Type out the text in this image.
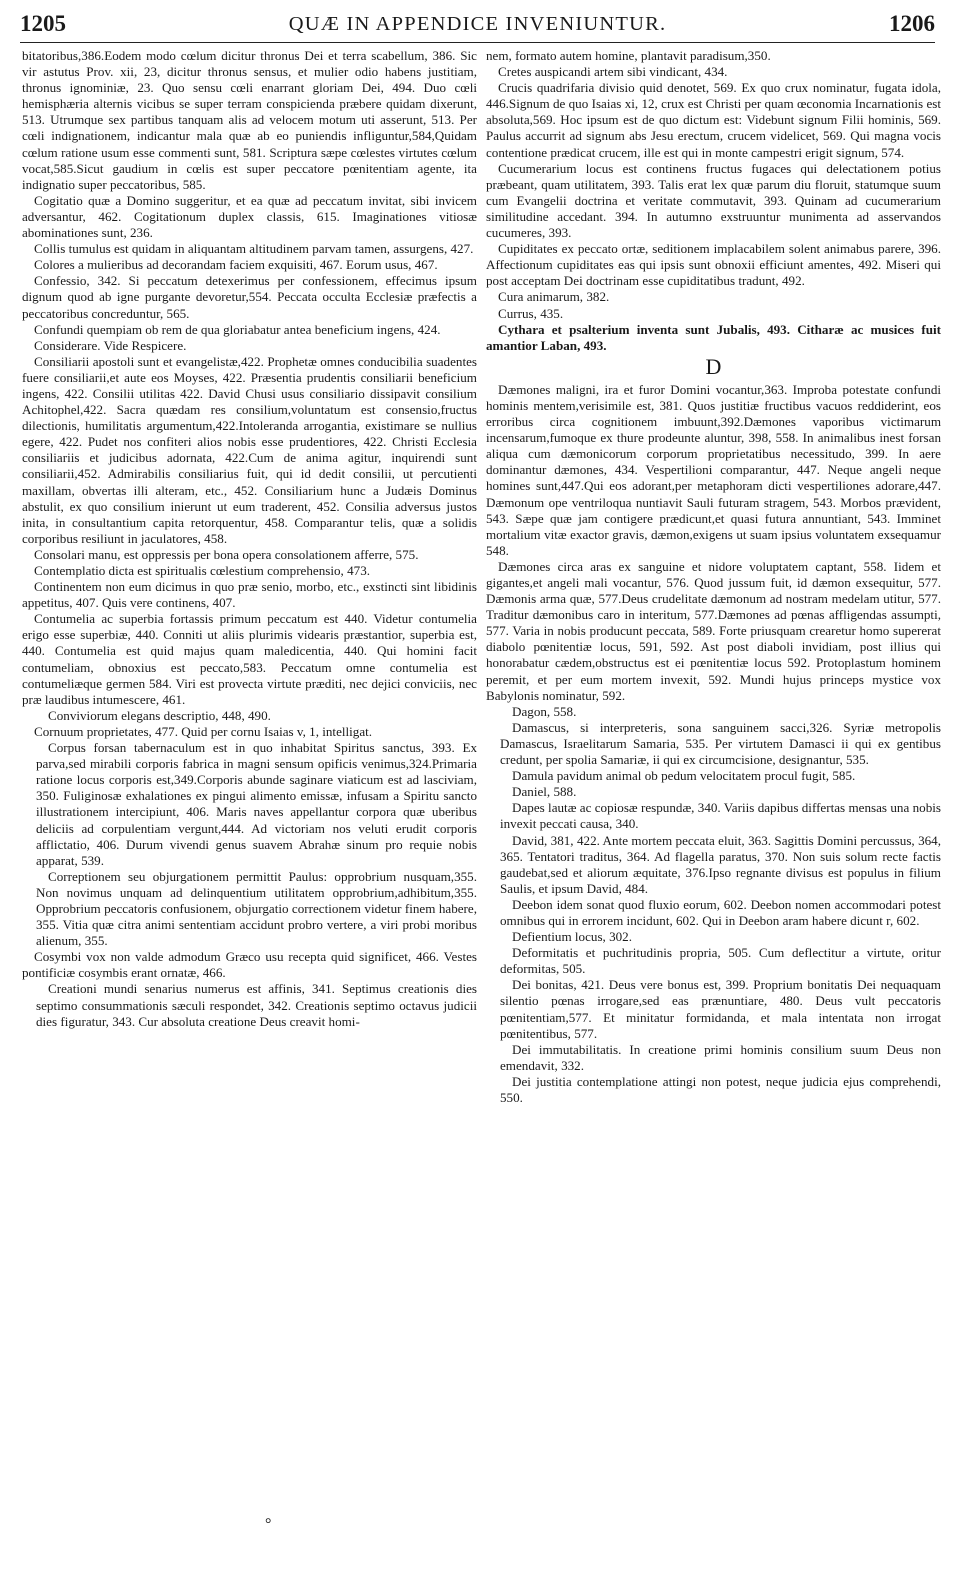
1205	QUÆ IN APPENDICE INVENIUNTUR.	1206

bitatoribus,386.Eodem modo cœlum dicitur thronus Dei et terra scabellum, 386. Sic vir astutus Prov. xii, 23, dicitur thronus sensus, et mulier odio habens justitiam, thronus ignominiæ, 23. Quo sensu cœli enarrant gloriam Dei, 494. Duo cœli hemisphæria alternis vicibus se super terram conspicienda præbere quidam dixerunt, 513. Utrumque sex partibus tanquam alis ad velocem motum uti asserunt, 513. Per cœli indignationem, indicantur mala quæ ab eo puniendis infliguntur,584,Quidam cœlum ratione usum esse commenti sunt, 581. Scriptura sæpe cœlestes virtutes cœlum vocat,585.Sicut gaudium in cœlis est super peccatore pœnitentiam agente, ita indignatio super peccatoribus, 585.

Cogitatio quæ a Domino suggeritur, et ea quæ ad peccatum invitat, sibi invicem adversantur, 462. Cogitationum duplex classis, 615. Imaginationes vitiosæ abominationes sunt, 236.

Collis tumulus est quidam in aliquantam altitudinem parvam tamen, assurgens, 427.

Colores a mulieribus ad decorandam faciem exquisiti, 467. Eorum usus, 467.

Confessio, 342. Si peccatum detexerimus per confessionem, effecimus ipsum dignum quod ab igne purgante devoretur,554. Peccata occulta Ecclesiæ præfectis a peccatoribus concreduntur, 565.

Confundi quempiam ob rem de qua gloriabatur antea beneficium ingens, 424.

Considerare. Vide Respicere.

Consiliarii apostoli sunt et evangelistæ,422. Prophetæ omnes conducibilia suadentes fuere consiliarii,et aute eos Moyses, 422. Præsentia prudentis consiliarii beneficium ingens, 422. Consilii utilitas 422. David Chusi usus consiliario dissipavit consilium Achitophel,422. Sacra quædam res consilium,voluntatum est consensio,fructus dilectionis, humilitatis argumentum,422.Intoleranda arrogantia, existimare se nullius egere, 422. Pudet nos confiteri alios nobis esse prudentiores, 422. Christi Ecclesia consiliariis et judicibus adornata, 422.Cum de anima agitur, inquirendi sunt consiliarii,452. Admirabilis consiliarius fuit, qui id dedit consilii, ut percutienti maxillam, obvertas illi alteram, etc., 452. Consiliarium hunc a Judæis Dominus abstulit, ex quo consilium inierunt ut eum traderent, 452. Consilia adversus justos inita, in consultantium capita retorquentur, 458. Comparantur telis, quæ a solidis corporibus resiliunt in jaculatores, 458.

Consolari manu, est oppressis per bona opera consolationem afferre, 575.

Contemplatio dicta est spiritualis cœlestium comprehensio, 473.

Continentem non eum dicimus in quo præ senio, morbo, etc., exstincti sint libidinis appetitus, 407. Quis vere continens, 407.

Contumelia ac superbia fortassis primum peccatum est 440. Videtur contumelia erigo esse superbiæ, 440. Conniti ut aliis plurimis videaris præstantior, superbia est, 440. Contumelia est quid majus quam maledicentia, 440. Qui homini facit contumeliam, obnoxius est peccato,583. Peccatum omne contumelia est contumeliæque germen 584. Viri est provecta virtute præditi, nec dejici conviciis, nec præ laudibus intumescere, 461.

Conviviorum elegans descriptio, 448, 490.

Cornuum proprietates, 477. Quid per cornu Isaias v, 1, intelligat.

Corpus forsan tabernaculum est in quo inhabitat Spiritus sanctus, 393. Ex parva,sed mirabili corporis fabrica in magni sensum opificis venimus,324.Primaria ratione locus corporis est,349.Corporis abunde saginare viaticum est ad lasciviam, 350. Fuliginosæ exhalationes ex pingui alimento emissæ, infusam a Spiritu sancto illustrationem intercipiunt, 406. Maris naves appellantur corpora quæ uberibus deliciis ad corpulentiam vergunt,444. Ad victoriam nos veluti erudit corporis afflictatio, 406. Durum vivendi genus suavem Abrahæ sinum pro requie nobis apparat, 539.

Correptionem seu objurgationem permittit Paulus: opprobrium nusquam,355. Non novimus unquam ad delinquentium utilitatem opprobrium,adhibitum,355. Opprobrium peccatoris confusionem, objurgatio correctionem videtur finem habere, 355. Vitia quæ citra animi sententiam accidunt probro vertere, a viri probi moribus alienum, 355.

Cosymbi vox non valde admodum Græco usu recepta quid significet, 466. Vestes pontificiæ cosymbis erant ornatæ, 466.

Creationi mundi senarius numerus est affinis, 341. Septimus creationis dies septimo consummationis sæculi respondet, 342. Creationis septimo octavus judicii dies figuratur, 343. Cur absoluta creatione Deus creavit homi-

nem, formato autem homine, plantavit paradisum,350.

Cretes auspicandi artem sibi vindicant, 434.

Crucis quadrifaria divisio quid denotet, 569. Ex quo crux nominatur, fugata idola, 446.Signum de quo Isaias xi, 12, crux est Christi per quam œconomia Incarnationis est absoluta,569. Hoc ipsum est de quo dictum est: Videbunt signum Filii hominis, 569. Paulus accurrit ad signum abs Jesu erectum, crucem videlicet, 569. Qui magna vocis contentione prædicat crucem, ille est qui in monte campestri erigit signum, 574.

Cucumerarium locus est continens fructus fugaces qui delectationem potius præbeant, quam utilitatem, 393. Talis erat lex quæ parum diu floruit, statumque suum cum Evangelii doctrina et veritate commutavit, 393. Quinam ad cucumerarium similitudine accedant. 394. In autumno exstruuntur munimenta ad asservandos cucumeres, 393.

Cupiditates ex peccato ortæ, seditionem implacabilem solent animabus parere, 396. Affectionum cupiditates eas qui ipsis sunt obnoxii efficiunt amentes, 492. Miseri qui post acceptam Dei doctrinam esse cupiditatibus tradunt, 492.

Cura animarum, 382.

Currus, 435.

Cythara et psalterium inventa sunt Jubalis, 493. Citharæ ac musices fuit amantior Laban, 493.

D

Dæmones maligni, ira et furor Domini vocantur,363. Improba potestate confundi hominis mentem,verisimile est, 381. Quos justitiæ fructibus vacuos reddiderint, eos erroribus circa cognitionem imbuunt,392.Dæmones vaporibus victimarum incensarum,fumoque ex thure prodeunte aluntur, 398, 558. In animalibus inest forsan aliqua cum dæmonicorum corporum proprietatibus necessitudo, 399. In aere dominantur dæmones, 434. Vespertilioni comparantur, 447. Neque angeli neque homines sunt,447.Qui eos adorant,per metaphoram dicti vespertiliones adorare,447. Dæmonum ope ventriloqua nuntiavit Sauli futuram stragem, 543. Morbos prævident, 543. Sæpe quæ jam contigere prædicunt,et quasi futura annuntiant, 543. Imminet mortalium vitæ exactor gravis, dæmon,exigens ut suam ipsius voluntatem exsequamur 548.

Dæmones circa aras ex sanguine et nidore voluptatem captant, 558. Iidem et gigantes,et angeli mali vocantur, 576. Quod jussum fuit, id dæmon exsequitur, 577. Dæmonis arma quæ, 577.Deus crudelitate dæmonum ad nostram medelam utitur, 577. Traditur dæmonibus caro in interitum, 577.Dæmones ad pœnas affligendas assumpti, 577. Varia in nobis producunt peccata, 589. Forte priusquam crearetur homo supererat diabolo pœnitentiæ locus, 591, 592. Ast post diaboli invidiam, post illius qui honorabatur cædem,obstructus est ei pœnitentiæ locus 592. Protoplastum hominem peremit, et per eum mortem invexit, 592. Mundi hujus princeps mystice vox Babylonis nominatur, 592.

Dagon, 558.

Damascus, si interpreteris, sona sanguinem sacci,326. Syriæ metropolis Damascus, Israelitarum Samaria, 535. Per virtutem Damasci ii qui ex gentibus credunt, per spolia Samariæ, ii qui ex circumcisione, designantur, 535.

Damula pavidum animal ob pedum velocitatem procul fugit, 585.

Daniel, 588.

Dapes lautæ ac copiosæ respundæ, 340. Variis dapibus differtas mensas una nobis invexit peccati causa, 340.

David, 381, 422. Ante mortem peccata eluit, 363. Sagittis Domini percussus, 364, 365. Tentatori traditus, 364. Ad flagella paratus, 370. Non suis solum recte factis gaudebat,sed et aliorum æquitate, 376.Ipso regnante divisus est populus in filium Saulis, et ipsum David, 484.

Deebon idem sonat quod fluxio eorum, 602. Deebon nomen accommodari potest omnibus qui in errorem incidunt, 602. Qui in Deebon aram habere dicunt r, 602.

Defientium locus, 302.

Deformitatis et puchritudinis propria, 505. Cum deflectitur a virtute, oritur deformitas, 505.

Dei bonitas, 421. Deus vere bonus est, 399. Proprium bonitatis Dei nequaquam silentio pœnas irrogare,sed eas prænuntiare, 480. Deus vult peccatoris pœnitentiam,577. Et minitatur formidanda, et mala intentata non irrogat pœnitentibus, 577.

Dei immutabilitatis. In creatione primi hominis consilium suum Deus non emendavit, 332.

Dei justitia contemplatione attingi non potest, neque judicia ejus comprehendi, 550.

°
